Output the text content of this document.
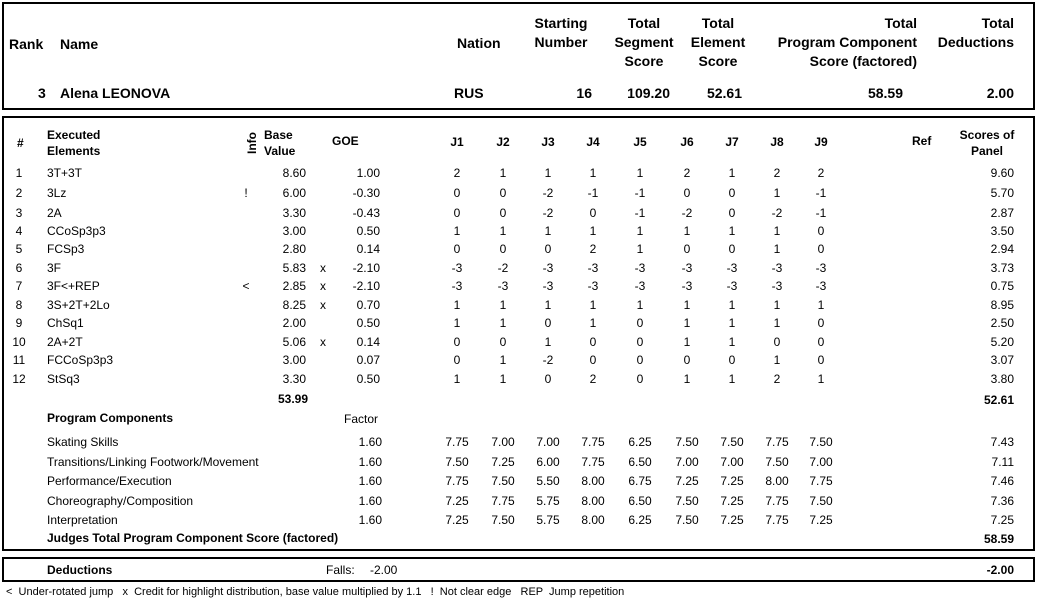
Rank Name	Nation
Starting
Number
Total
Segment
Score
Total
Element
Score
Total
Program Component
Score (factored)
Total
Deductions
3 Alena LEONOVA	RUS	16	109.20	52.61	58.59	2.00
#
Executed
Elements	Info Base
Value
GOE	J1	J2	J3	J4	J5	J6	J7	J8	J9	Ref	Scores of
Panel
1	3T+3T	8.60	1.00	2	1	1	1	1	2	1	2	2	9.60
2	3Lz	!	6.00	-0.30	0	0	-2	-1	-1	0	0	1	-1	5.70
3	2A	3.30	-0.43	0	0	-2	0	-1	-2	0	-2	-1	2.87
4	CCoSp3p3	3.00	0.50	1	1	1	1	1	1	1	1	0	3.50
5	FCSp3	2.80	0.14	0	0	0	2	1	0	0	1	0	2.94
6	3F	5.83 x	-2.10	-3	-2	-3	-3	-3	-3	-3	-3	-3	3.73
7	3F<+REP	<	2.85 x	-2.10	-3	-3	-3	-3	-3	-3	-3	-3	-3	0.75
8	3S+2T+2Lo	8.25 x	0.70	1	1	1	1	1	1	1	1	1	8.95
9	ChSq1	2.00	0.50	1	1	0	1	0	1	1	1	0	2.50
10	2A+2T	5.06 x	0.14	0	0	1	0	0	1	1	0	0	5.20
11	FCCoSp3p3	3.00	0.07	0	1	-2	0	0	0	0	1	0	3.07
12	StSq3	3.30	0.50	1	1	0	2	0	1	1	2	1	3.80
53.99	52.61
Program Components	Factor
Skating Skills	1.60	7.75	7.00	7.00	7.75	6.25	7.50	7.50	7.75	7.50	7.43
Transitions/Linking Footwork/Movement	1.60	7.50	7.25	6.00	7.75	6.50	7.00	7.00	7.50	7.00	7.11
Performance/Execution	1.60	7.75	7.50	5.50	8.00	6.75	7.25	7.25	8.00	7.75	7.46
Choreography/Composition	1.60	7.25	7.75	5.75	8.00	6.50	7.50	7.25	7.75	7.50	7.36
Interpretation	1.60	7.25	7.50	5.75	8.00	6.25	7.50	7.25	7.75	7.25	7.25
Judges Total Program Component Score (factored)	58.59
Deductions	Falls: -2.00	-2.00
<  Under-rotated jump   x  Credit for highlight distribution, base value multiplied by 1.1   !  Not clear edge   REP  Jump repetition
